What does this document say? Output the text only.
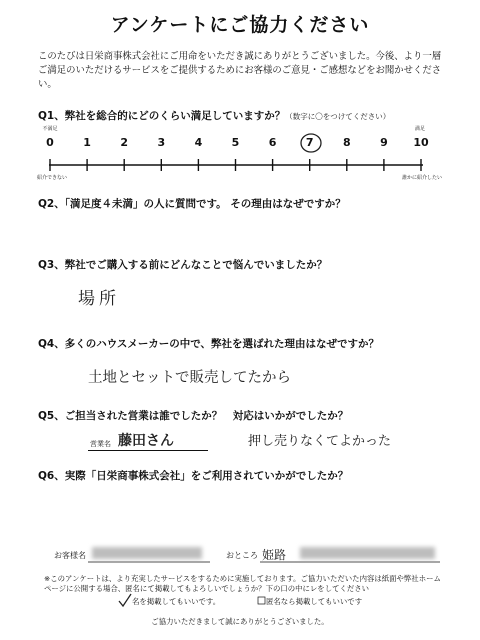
アンケートにご協力ください
このたびは日栄商事株式会社にご用命をいただき誠にありがとうございました。今後、より一層ご満足のいただけるサービスをご提供するためにお客様のご意見・ご感想などをお聞かせください。
Q1、弊社を総合的にどのくらい満足していますか？（数字に〇をつけてください）
不満足	満足
0	1	2	3	4	5	6	7	8	9	10
紹介できない	誰かに紹介したい
Q2、「満足度４未満」の人に質問です。 その理由はなぜですか？
Q3、弊社でご購入する前にどんなことで悩んでいましたか？
場所
Q4、多くのハウスメーカーの中で、弊社を選ばれた理由はなぜですか？
土地とセットで販売してたから
Q5、ご担当された営業は誰でしたか？　対応はいかがでしたか？
営業名 藤田さん	押し売りなくてよかった
Q6、実際「日栄商事株式会社」をご利用されていかがでしたか？
お客様名	おところ 姫路
※このアンケートは、より充実したサービスをするために実施しております。ご協力いただいた内容は紙面や弊社ホームページに公開する場合、匿名にて掲載してもよろしいでしょうか？下の口の中にレをしてください
名を掲載してもいいです。	匿名なら掲載してもいいです
ご協力いただきまして誠にありがとうございました。
